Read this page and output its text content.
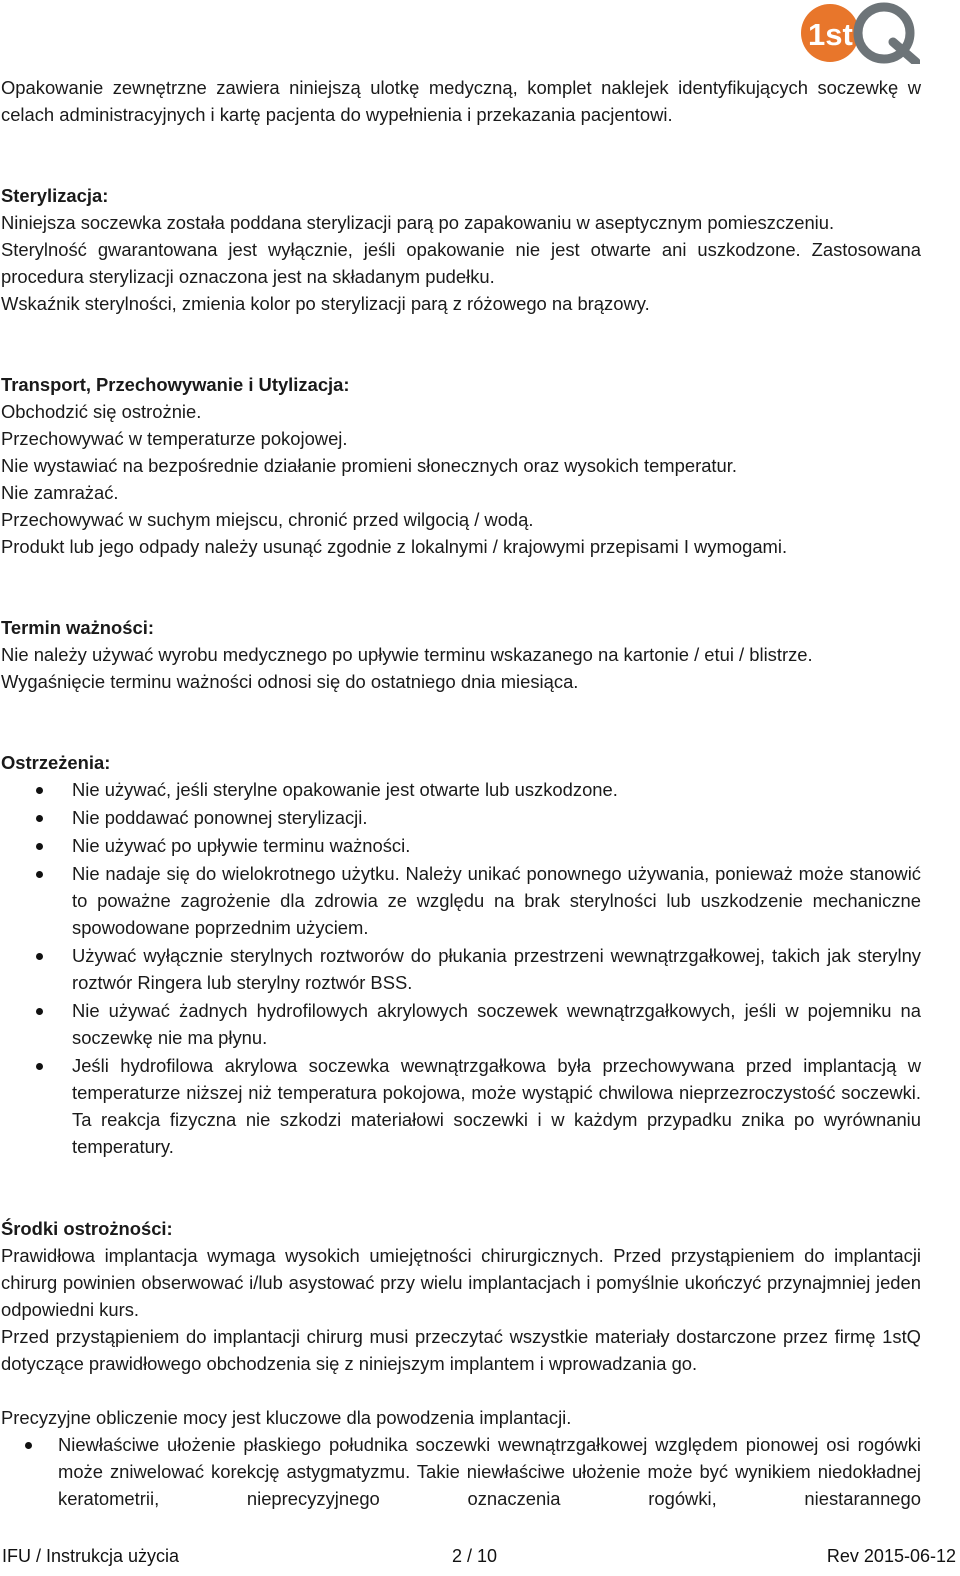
1st

Opakowanie zewnętrzne zawiera niniejszą ulotkę medyczną, komplet naklejek identyfikujących soczewkę w celach administracyjnych i kartę pacjenta do wypełnienia i przekazania pacjentowi.

Sterylizacja:

Niniejsza soczewka została poddana sterylizacji parą po zapakowaniu w aseptycznym pomieszczeniu.

Sterylność gwarantowana jest wyłącznie, jeśli opakowanie nie jest otwarte ani uszkodzone. Zastosowana procedura sterylizacji oznaczona jest na składanym pudełku.

Wskaźnik sterylności, zmienia kolor po sterylizacji parą z różowego na brązowy.

Transport, Przechowywanie i Utylizacja:

Obchodzić się ostrożnie.

Przechowywać w temperaturze pokojowej.

Nie wystawiać na bezpośrednie działanie promieni słonecznych oraz wysokich temperatur.

Nie zamrażać.

Przechowywać w suchym miejscu, chronić przed wilgocią / wodą.

Produkt lub jego odpady należy usunąć zgodnie z lokalnymi / krajowymi przepisami I wymogami.

Termin ważności:

Nie należy używać wyrobu medycznego po upływie terminu wskazanego na kartonie / etui / blistrze.

Wygaśnięcie terminu ważności odnosi się do ostatniego dnia miesiąca.

Ostrzeżenia:

Nie używać, jeśli sterylne opakowanie jest otwarte lub uszkodzone.
Nie poddawać ponownej sterylizacji.
Nie używać po upływie terminu ważności.
Nie nadaje się do wielokrotnego użytku. Należy unikać ponownego używania, ponieważ może stanowić to poważne zagrożenie dla zdrowia ze względu na brak sterylności lub uszkodzenie mechaniczne spowodowane poprzednim użyciem.
Używać wyłącznie sterylnych roztworów do płukania przestrzeni wewnątrzgałkowej, takich jak sterylny roztwór Ringera lub sterylny roztwór BSS.
Nie używać żadnych hydrofilowych akrylowych soczewek wewnątrzgałkowych, jeśli w pojemniku na soczewkę nie ma płynu.
Jeśli hydrofilowa akrylowa soczewka wewnątrzgałkowa była przechowywana przed implantacją w temperaturze niższej niż temperatura pokojowa, może wystąpić chwilowa nieprzezroczystość soczewki. Ta reakcja fizyczna nie szkodzi materiałowi soczewki i w każdym przypadku znika po wyrównaniu temperatury.

Środki ostrożności:

Prawidłowa implantacja wymaga wysokich umiejętności chirurgicznych. Przed przystąpieniem do implantacji chirurg powinien obserwować i/lub asystować przy wielu implantacjach i pomyślnie ukończyć przynajmniej jeden odpowiedni kurs.

Przed przystąpieniem do implantacji chirurg musi przeczytać wszystkie materiały dostarczone przez firmę 1stQ dotyczące prawidłowego obchodzenia się z niniejszym implantem i wprowadzania go.

Precyzyjne obliczenie mocy jest kluczowe dla powodzenia implantacji.

Niewłaściwe ułożenie płaskiego południka soczewki wewnątrzgałkowej względem pionowej osi rogówki może zniwelować korekcję astygmatyzmu. Takie niewłaściwe ułożenie może być wynikiem niedokładnej keratometrii, nieprecyzyjnego oznaczenia rogówki, niestarannego
IFU / Instrukcja użycia	2 / 10	Rev 2015-06-12
